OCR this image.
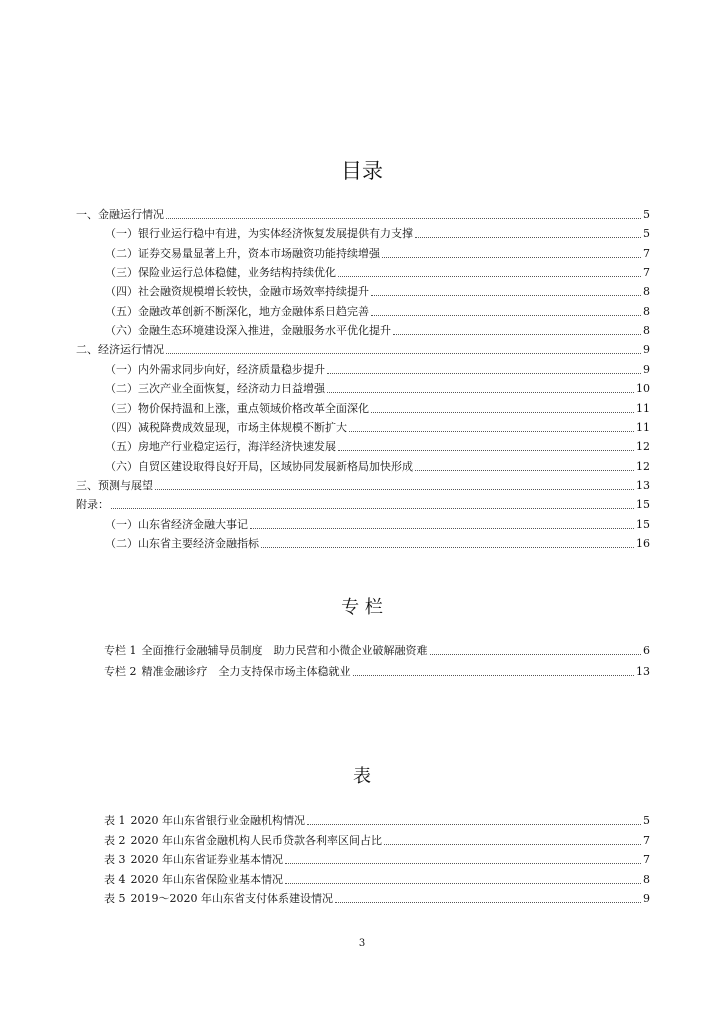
目录
一、金融运行情况	5
（一）银行业运行稳中有进，为实体经济恢复发展提供有力支撑	5
（二）证券交易量显著上升，资本市场融资功能持续增强	7
（三）保险业运行总体稳健，业务结构持续优化	7
（四）社会融资规模增长较快，金融市场效率持续提升	8
（五）金融改革创新不断深化，地方金融体系日趋完善	8
（六）金融生态环境建设深入推进，金融服务水平优化提升	8
二、经济运行情况	9
（一）内外需求同步向好，经济质量稳步提升	9
（二）三次产业全面恢复，经济动力日益增强	10
（三）物价保持温和上涨，重点领域价格改革全面深化	11
（四）减税降费成效显现，市场主体规模不断扩大	11
（五）房地产行业稳定运行，海洋经济快速发展	12
（六）自贸区建设取得良好开局，区域协同发展新格局加快形成	12
三、预测与展望	13
附录：	15
（一）山东省经济金融大事记	15
（二）山东省主要经济金融指标	16
专 栏
专栏 1 全面推行金融辅导员制度　助力民营和小微企业破解融资难	6
专栏 2 精准金融诊疗　全力支持保市场主体稳就业	13
表
表 1 2020 年山东省银行业金融机构情况	5
表 2 2020 年山东省金融机构人民币贷款各利率区间占比	7
表 3 2020 年山东省证券业基本情况	7
表 4 2020 年山东省保险业基本情况	8
表 5 2019～2020 年山东省支付体系建设情况	9
3
